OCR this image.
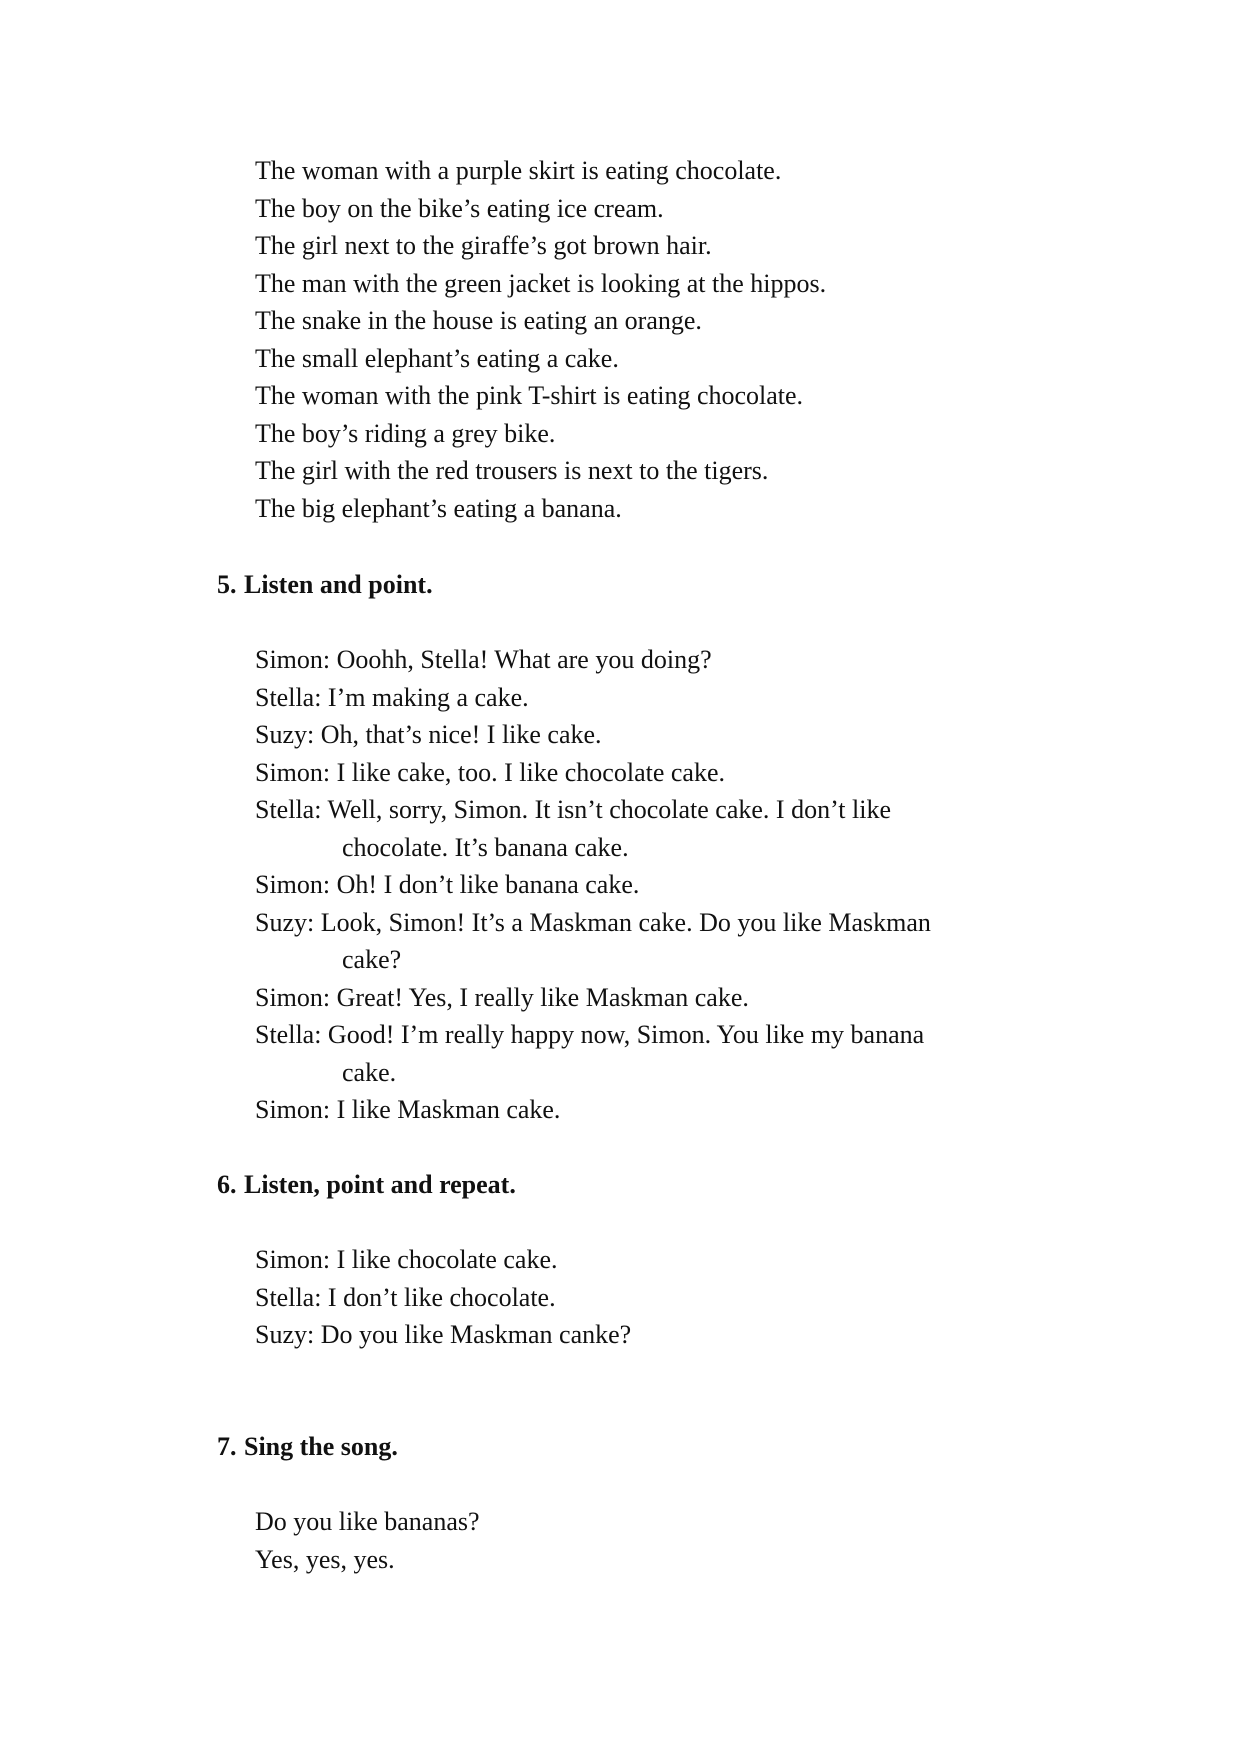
The woman with a purple skirt is eating chocolate.
The boy on the bike’s eating ice cream.
The girl next to the giraffe’s got brown hair.
The man with the green jacket is looking at the hippos.
The snake in the house is eating an orange.
The small elephant’s eating a cake.
The woman with the pink T-shirt is eating chocolate.
The boy’s riding a grey bike.
The girl with the red trousers is next to the tigers.
The big elephant’s eating a banana.
5. Listen and point.
Simon: Ooohh, Stella! What are you doing?
Stella: I’m making a cake.
Suzy: Oh, that’s nice! I like cake.
Simon: I like cake, too. I like chocolate cake.
Stella: Well, sorry, Simon. It isn’t chocolate cake. I don’t like
chocolate. It’s banana cake.
Simon: Oh! I don’t like banana cake.
Suzy: Look, Simon! It’s a Maskman cake. Do you like Maskman
cake?
Simon: Great! Yes, I really like Maskman cake.
Stella: Good! I’m really happy now, Simon. You like my banana
cake.
Simon: I like Maskman cake.
6. Listen, point and repeat.
Simon: I like chocolate cake.
Stella: I don’t like chocolate.
Suzy: Do you like Maskman canke?
7. Sing the song.
Do you like bananas?
Yes, yes, yes.
